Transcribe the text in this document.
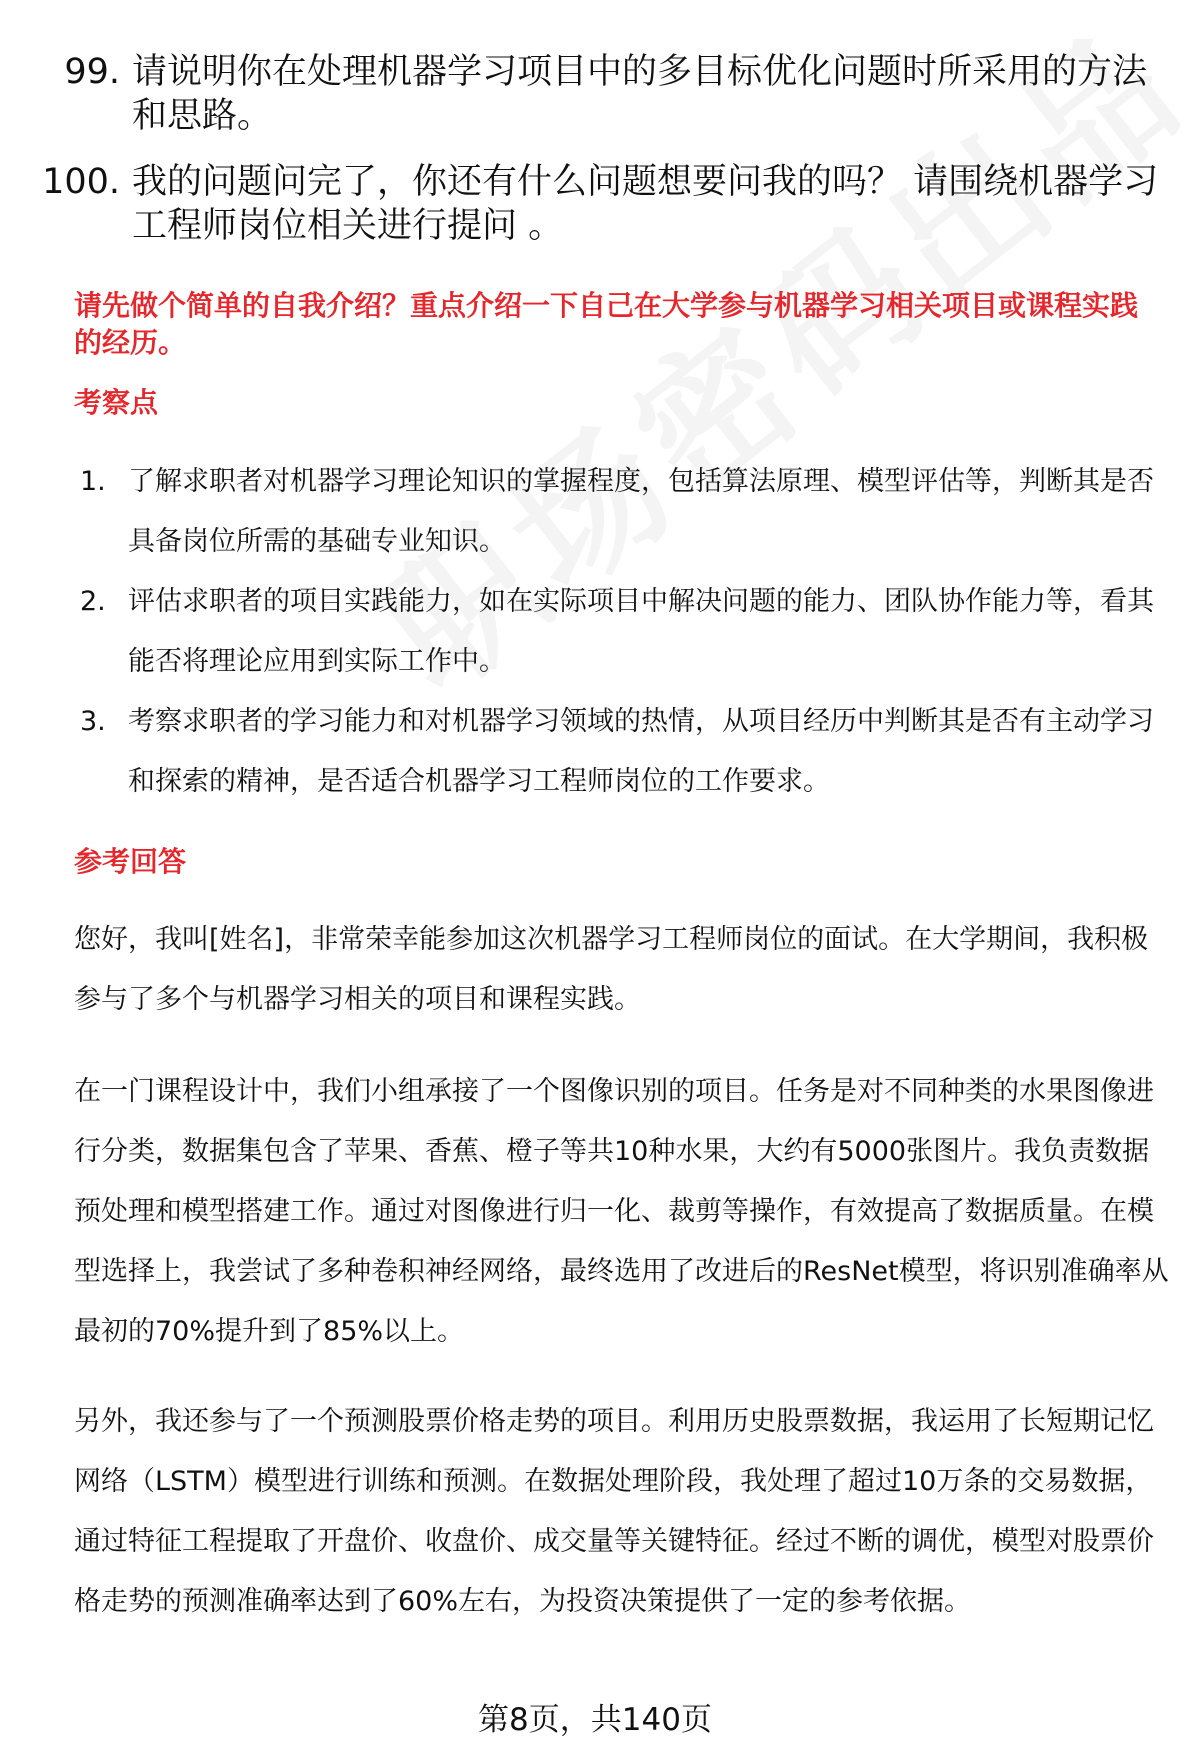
99. 请说明你在处理机器学习项目中的多目标优化问题时所采用的方法和思路。
100. 我的问题问完了，你还有什么问题想要问我的吗？ 请围绕机器学习工程师岗位相关进行提问 。
请先做个简单的自我介绍？重点介绍一下自己在大学参与机器学习相关项目或课程实践的经历。
考察点
1. 了解求职者对机器学习理论知识的掌握程度，包括算法原理、模型评估等，判断其是否具备岗位所需的基础专业知识。
2. 评估求职者的项目实践能力，如在实际项目中解决问题的能力、团队协作能力等，看其能否将理论应用到实际工作中。
3. 考察求职者的学习能力和对机器学习领域的热情，从项目经历中判断其是否有主动学习和探索的精神，是否适合机器学习工程师岗位的工作要求。
参考回答

您好，我叫[姓名]，非常荣幸能参加这次机器学习工程师岗位的面试。在大学期间，我积极参与了多个与机器学习相关的项目和课程实践。

在一门课程设计中，我们小组承接了一个图像识别的项目。任务是对不同种类的水果图像进行分类，数据集包含了苹果、香蕉、橙子等共10种水果，大约有5000张图片。我负责数据预处理和模型搭建工作。通过对图像进行归一化、裁剪等操作，有效提高了数据质量。在模型选择上，我尝试了多种卷积神经网络，最终选用了改进后的ResNet模型，将识别准确率从最初的70%提升到了85%以上。

另外，我还参与了一个预测股票价格走势的项目。利用历史股票数据，我运用了长短期记忆网络（LSTM）模型进行训练和预测。在数据处理阶段，我处理了超过10万条的交易数据，通过特征工程提取了开盘价、收盘价、成交量等关键特征。经过不断的调优，模型对股票价格走势的预测准确率达到了60%左右，为投资决策提供了一定的参考依据。

第8页，共140页
